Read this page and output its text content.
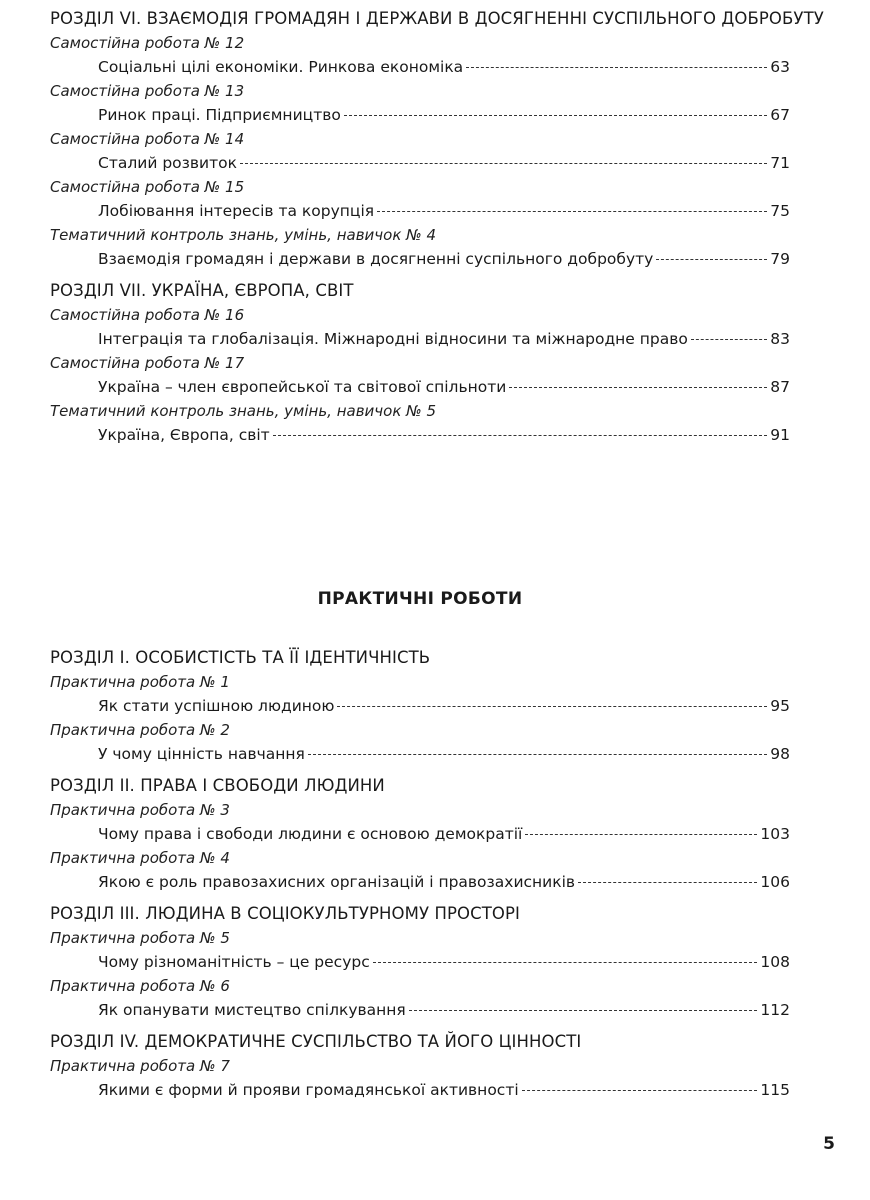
РОЗДІЛ VІ. ВЗАЄМОДІЯ ГРОМАДЯН І ДЕРЖАВИ В ДОСЯГНЕННІ СУСПІЛЬНОГО ДОБРОБУТУ
Самостійна робота № 12
Соціальні цілі економіки. Ринкова економіка	63
Самостійна робота № 13
Ринок праці. Підприємництво	67
Самостійна робота № 14
Сталий розвиток	71
Самостійна робота № 15
Лобіювання інтересів та корупція	75
Тематичний контроль знань, умінь, навичок № 4
Взаємодія громадян і держави в досягненні суспільного добробуту	79
РОЗДІЛ VІІ. УКРАЇНА, ЄВРОПА, СВІТ
Самостійна робота № 16
Інтеграція та глобалізація. Міжнародні відносини та міжнародне право	83
Самостійна робота № 17
Україна – член європейської та світової спільноти	87
Тематичний контроль знань, умінь, навичок № 5
Україна, Європа, світ	91
ПРАКТИЧНІ РОБОТИ
РОЗДІЛ І. ОСОБИСТІСТЬ ТА ЇЇ ІДЕНТИЧНІСТЬ
Практична робота № 1
Як стати успішною людиною	95
Практична робота № 2
У чому цінність навчання	98
РОЗДІЛ ІІ. ПРАВА І СВОБОДИ ЛЮДИНИ
Практична робота № 3
Чому права і свободи людини є основою демократії	103
Практична робота № 4
Якою є роль правозахисних організацій і правозахисників	106
РОЗДІЛ ІІІ. ЛЮДИНА В СОЦІОКУЛЬТУРНОМУ ПРОСТОРІ
Практична робота № 5
Чому різноманітність – це ресурс	108
Практична робота № 6
Як опанувати мистецтво спілкування	112
РОЗДІЛ ІV. ДЕМОКРАТИЧНЕ СУСПІЛЬСТВО ТА ЙОГО ЦІННОСТІ
Практична робота № 7
Якими є форми й прояви громадянської активності	115
5
